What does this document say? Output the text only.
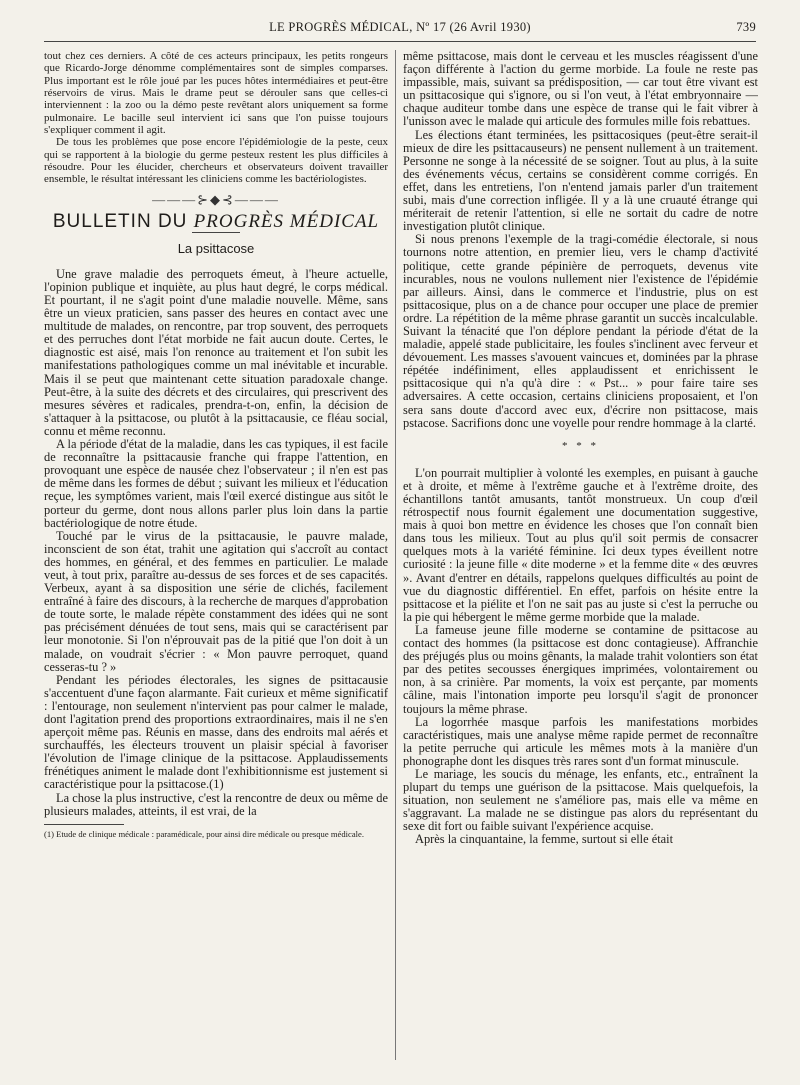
LE PROGRÈS MÉDICAL, Nº 17 (26 Avril 1930)	739

tout chez ces derniers. A côté de ces acteurs principaux, les petits rongeurs que Ricardo-Jorge dénomme complémentaires sont de simples comparses. Plus important est le rôle joué par les puces hôtes intermédiaires et peut-être réservoirs de virus. Mais le drame peut se dérouler sans que celles-ci interviennent : la zoo ou la démo peste revêtant alors uniquement sa forme pulmonaire. Le bacille seul intervient ici sans que l'on puisse toujours s'expliquer comment il agit.

De tous les problèmes que pose encore l'épidémiologie de la peste, ceux qui se rapportent à la biologie du germe pesteux restent les plus difficiles à résoudre. Pour les élucider, chercheurs et observateurs doivent travailler ensemble, le résultat intéressant les cliniciens comme les bactériologistes.

———⊱◆⊰———
BULLETIN DU PROGRÈS MÉDICAL
La psittacose

Une grave maladie des perroquets émeut, à l'heure actuelle, l'opinion publique et inquiète, au plus haut degré, le corps médical. Et pourtant, il ne s'agit point d'une maladie nouvelle. Même, sans être un vieux praticien, sans passer des heures en contact avec une multitude de malades, on rencontre, par trop souvent, des perroquets et des perruches dont l'état morbide ne fait aucun doute. Certes, le diagnostic est aisé, mais l'on renonce au traitement et l'on subit les manifestations pathologiques comme un mal inévitable et incurable. Mais il se peut que maintenant cette situation paradoxale change. Peut-être, à la suite des décrets et des circulaires, qui prescrivent des mesures sévères et radicales, prendra-t-on, enfin, la décision de s'attaquer à la psittacose, ou plutôt à la psittacausie, ce fléau social, connu et même reconnu.

A la période d'état de la maladie, dans les cas typiques, il est facile de reconnaître la psittacausie franche qui frappe l'attention, en provoquant une espèce de nausée chez l'observateur ; il n'en est pas de même dans les formes de début ; suivant les milieux et l'éducation reçue, les symptômes varient, mais l'œil exercé distingue aus sitôt le porteur du germe, dont nous allons parler plus loin dans la partie bactériologique de notre étude.

Touché par le virus de la psittacausie, le pauvre malade, inconscient de son état, trahit une agitation qui s'accroît au contact des hommes, en général, et des femmes en particulier. Le malade veut, à tout prix, paraître au-dessus de ses forces et de ses capacités. Verbeux, ayant à sa disposition une série de clichés, facilement entraîné à faire des discours, à la recherche de marques d'approbation de toute sorte, le malade répète constamment des idées qui ne sont pas précisément dénuées de tout sens, mais qui se caractérisent par leur monotonie. Si l'on n'éprouvait pas de la pitié que l'on doit à un malade, on voudrait s'écrier : « Mon pauvre perroquet, quand cesseras-tu ? »

Pendant les périodes électorales, les signes de psittacausie s'accentuent d'une façon alarmante. Fait curieux et même significatif : l'entourage, non seulement n'intervient pas pour calmer le malade, dont l'agitation prend des proportions extraordinaires, mais il ne s'en aperçoit même pas. Réunis en masse, dans des endroits mal aérés et surchauffés, les électeurs trouvent un plaisir spécial à favoriser l'évolution de l'image clinique de la psittacose. Applaudissements frénétiques animent le malade dont l'exhibitionnisme est justement si caractéristique pour la psittacose.(1)

La chose la plus instructive, c'est la rencontre de deux ou même de plusieurs malades, atteints, il est vrai, de la

(1) Etude de clinique médicale : paramédicale, pour ainsi dire médicale ou presque médicale.

même psittacose, mais dont le cerveau et les muscles réagissent d'une façon différente à l'action du germe morbide. La foule ne reste pas impassible, mais, suivant sa prédisposition, — car tout être vivant est un psittacosique qui s'ignore, ou si l'on veut, à l'état embryonnaire — chaque auditeur tombe dans une espèce de transe qui le fait vibrer à l'unisson avec le malade qui articule des formules mille fois rebattues.

Les élections étant terminées, les psittacosiques (peut-être serait-il mieux de dire les psittacauseurs) ne pensent nullement à un traitement. Personne ne songe à la nécessité de se soigner. Tout au plus, à la suite des événements vécus, certains se considèrent comme corrigés. En effet, dans les entretiens, l'on n'entend jamais parler d'un traitement subi, mais d'une correction infligée. Il y a là une cruauté étrange qui mériterait de retenir l'attention, si elle ne sortait du cadre de notre investigation plutôt clinique.

Si nous prenons l'exemple de la tragi-comédie électorale, si nous tournons notre attention, en premier lieu, vers le champ d'activité politique, cette grande pépinière de perroquets, devenus vite incurables, nous ne voulons nullement nier l'existence de l'épidémie par ailleurs. Ainsi, dans le commerce et l'industrie, plus on est psittacosique, plus on a de chance pour occuper une place de premier ordre. La répétition de la même phrase garantit un succès incalculable. Suivant la ténacité que l'on déplore pendant la période d'état de la maladie, appelé stade publicitaire, les foules s'inclinent avec ferveur et dévouement. Les masses s'avouent vaincues et, dominées par la phrase répétée indéfiniment, elles applaudissent et enrichissent le psittacosique qui n'a qu'à dire : « Pst... » pour faire taire ses adversaires. A cette occasion, certains cliniciens proposaient, et l'on sera sans doute d'accord avec eux, d'écrire non psittacose, mais pstacose. Sacrifions donc une voyelle pour rendre hommage à la clarté.

* * *

L'on pourrait multiplier à volonté les exemples, en puisant à gauche et à droite, et même à l'extrême gauche et à l'extrême droite, des échantillons tantôt amusants, tantôt monstrueux. Un coup d'œil rétrospectif nous fournit également une documentation suggestive, mais à quoi bon mettre en évidence les choses que l'on connaît bien dans tous les milieux. Tout au plus qu'il soit permis de consacrer quelques mots à la variété féminine. Ici deux types éveillent notre curiosité : la jeune fille « dite moderne » et la femme dite « des œuvres ». Avant d'entrer en détails, rappelons quelques difficultés au point de vue du diagnostic différentiel. En effet, parfois on hésite entre la psittacose et la piélite et l'on ne sait pas au juste si c'est la perruche ou la pie qui hébergent le même germe morbide que la malade.

La fameuse jeune fille moderne se contamine de psittacose au contact des hommes (la psittacose est donc contagieuse). Affranchie des préjugés plus ou moins gênants, la malade trahit volontiers son état par des petites secousses énergiques imprimées, volontairement ou non, à sa crinière. Par moments, la voix est perçante, par moments câline, mais l'intonation importe peu lorsqu'il s'agit de prononcer toujours la même phrase.

La logorrhée masque parfois les manifestations morbides caractéristiques, mais une analyse même rapide permet de reconnaître la petite perruche qui articule les mêmes mots à la manière d'un phonographe dont les disques très rares sont d'un format minuscule.

Le mariage, les soucis du ménage, les enfants, etc., entraînent la plupart du temps une guérison de la psittacose. Mais quelquefois, la situation, non seulement ne s'améliore pas, mais elle va même en s'aggravant. La malade ne se distingue pas alors du représentant du sexe dit fort ou faible suivant l'expérience acquise.

Après la cinquantaine, la femme, surtout si elle était
